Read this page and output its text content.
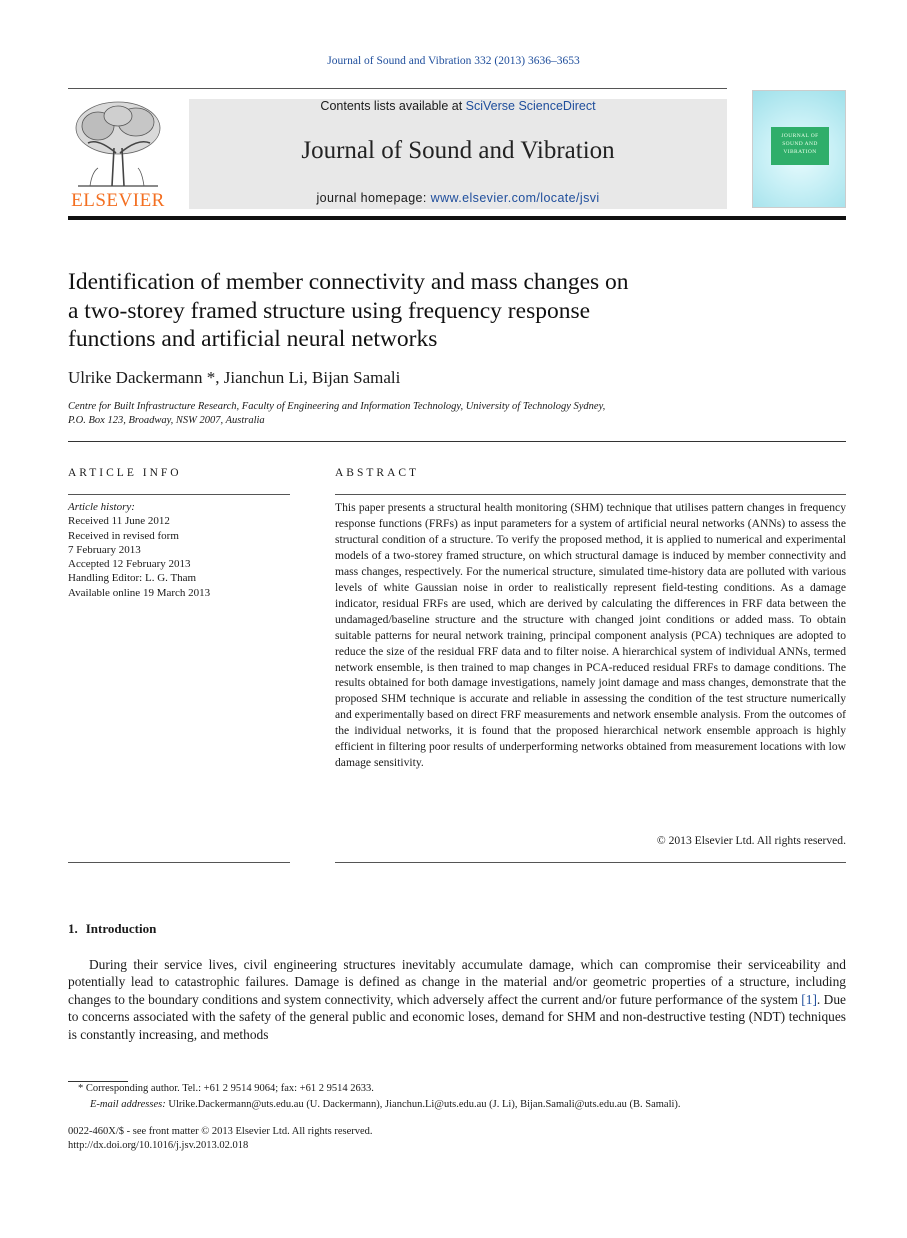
Journal of Sound and Vibration 332 (2013) 3636–3653
ELSEVIER
Contents lists available at SciVerse ScienceDirect
Journal of Sound and Vibration
journal homepage: www.elsevier.com/locate/jsvi
JOURNAL OF SOUND AND VIBRATION
Identification of member connectivity and mass changes on
a two-storey framed structure using frequency response
functions and artificial neural networks
Ulrike Dackermann *, Jianchun Li, Bijan Samali
Centre for Built Infrastructure Research, Faculty of Engineering and Information Technology, University of Technology Sydney,
P.O. Box 123, Broadway, NSW 2007, Australia
ARTICLE INFO	ABSTRACT
Article history:
Received 11 June 2012
Received in revised form
7 February 2013
Accepted 12 February 2013
Handling Editor: L. G. Tham
Available online 19 March 2013
This paper presents a structural health monitoring (SHM) technique that utilises pattern changes in frequency response functions (FRFs) as input parameters for a system of artificial neural networks (ANNs) to assess the structural condition of a structure. To verify the proposed method, it is applied to numerical and experimental models of a two-storey framed structure, on which structural damage is induced by member connectivity and mass changes, respectively. For the numerical structure, simulated time-history data are polluted with various levels of white Gaussian noise in order to realistically represent field-testing conditions. As a damage indicator, residual FRFs are used, which are derived by calculating the differences in FRF data between the undamaged/baseline structure and the structure with changed joint conditions or added mass. To obtain suitable patterns for neural network training, principal component analysis (PCA) techniques are adopted to reduce the size of the residual FRF data and to filter noise. A hierarchical system of individual ANNs, termed network ensemble, is then trained to map changes in PCA-reduced residual FRFs to damage conditions. The results obtained for both damage investigations, namely joint damage and mass changes, demonstrate that the proposed SHM technique is accurate and reliable in assessing the condition of the test structure numerically and experimentally based on direct FRF measurements and network ensemble analysis. From the outcomes of the individual networks, it is found that the proposed hierarchical network ensemble approach is highly efficient in filtering poor results of underperforming networks obtained from measurement locations with low damage sensitivity.
© 2013 Elsevier Ltd. All rights reserved.
1. Introduction
During their service lives, civil engineering structures inevitably accumulate damage, which can compromise their serviceability and potentially lead to catastrophic failures. Damage is defined as change in the material and/or geometric properties of a structure, including changes to the boundary conditions and system connectivity, which adversely affect the current and/or future performance of the system [1]. Due to concerns associated with the safety of the general public and economic loses, demand for SHM and non-destructive testing (NDT) techniques is constantly increasing, and methods
* Corresponding author. Tel.: +61 2 9514 9064; fax: +61 2 9514 2633.
E-mail addresses: Ulrike.Dackermann@uts.edu.au (U. Dackermann), Jianchun.Li@uts.edu.au (J. Li), Bijan.Samali@uts.edu.au (B. Samali).
0022-460X/$ - see front matter © 2013 Elsevier Ltd. All rights reserved.
http://dx.doi.org/10.1016/j.jsv.2013.02.018
